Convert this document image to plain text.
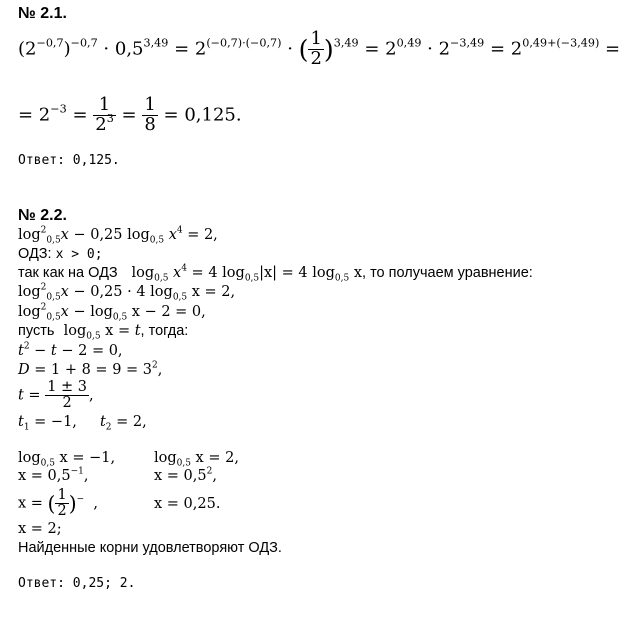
№ 2.1.
$(2^{-0,7})^{-0,7} \cdot 0,5^{3,49} = 2^{(-0,7)\cdot(-0,7)}$ · ( $\frac{1}{2} )^{3,49} = 2^{0,49} \cdot 2^{-3,49} = 2^{0,49+(-3,49)}$ =
= $2^{-3} = \frac{1}{2^3} = \frac{1}{8} = 0,125$.
Ответ: 0,125.
№ 2.2.
$\log^2_{0,5}x - 0,25$ $\log_{0,5} x^4 = 2$,
ОДЗ: x > 0;
так как на ОДЗ   $\log_{0,5} x^4 = 4$ $\log_{0,5}|x| = 4$ $\log_{0,5} x$, то получаем уравнение:
$\log^2_{0,5}x - 0,25 \cdot 4$ $\log_{0,5} x = 2$,
$\log^2_{0,5}x - \log_{0,5} x - 2 = 0$,
пусть  $\log_{0,5} x = t$, тогда:
$t^2 - t - 2 = 0$,
$D = 1 + 8 = 9 = 3^2$,
$t = \frac{1 \pm 3}{2}$ ,
$t_1 = -1$,     $t_2 = 2$,
$\log_{0,5} x = -1$,
$x = 0,5^{-1}$,
x = ( $\frac{1}{2} )^-$  ,
x = 2;
$\log_{0,5} x = 2$,
$x = 0,5^2$,
x = 0,25.
Найденные корни удовлетворяют ОДЗ.
Ответ: 0,25; 2.
